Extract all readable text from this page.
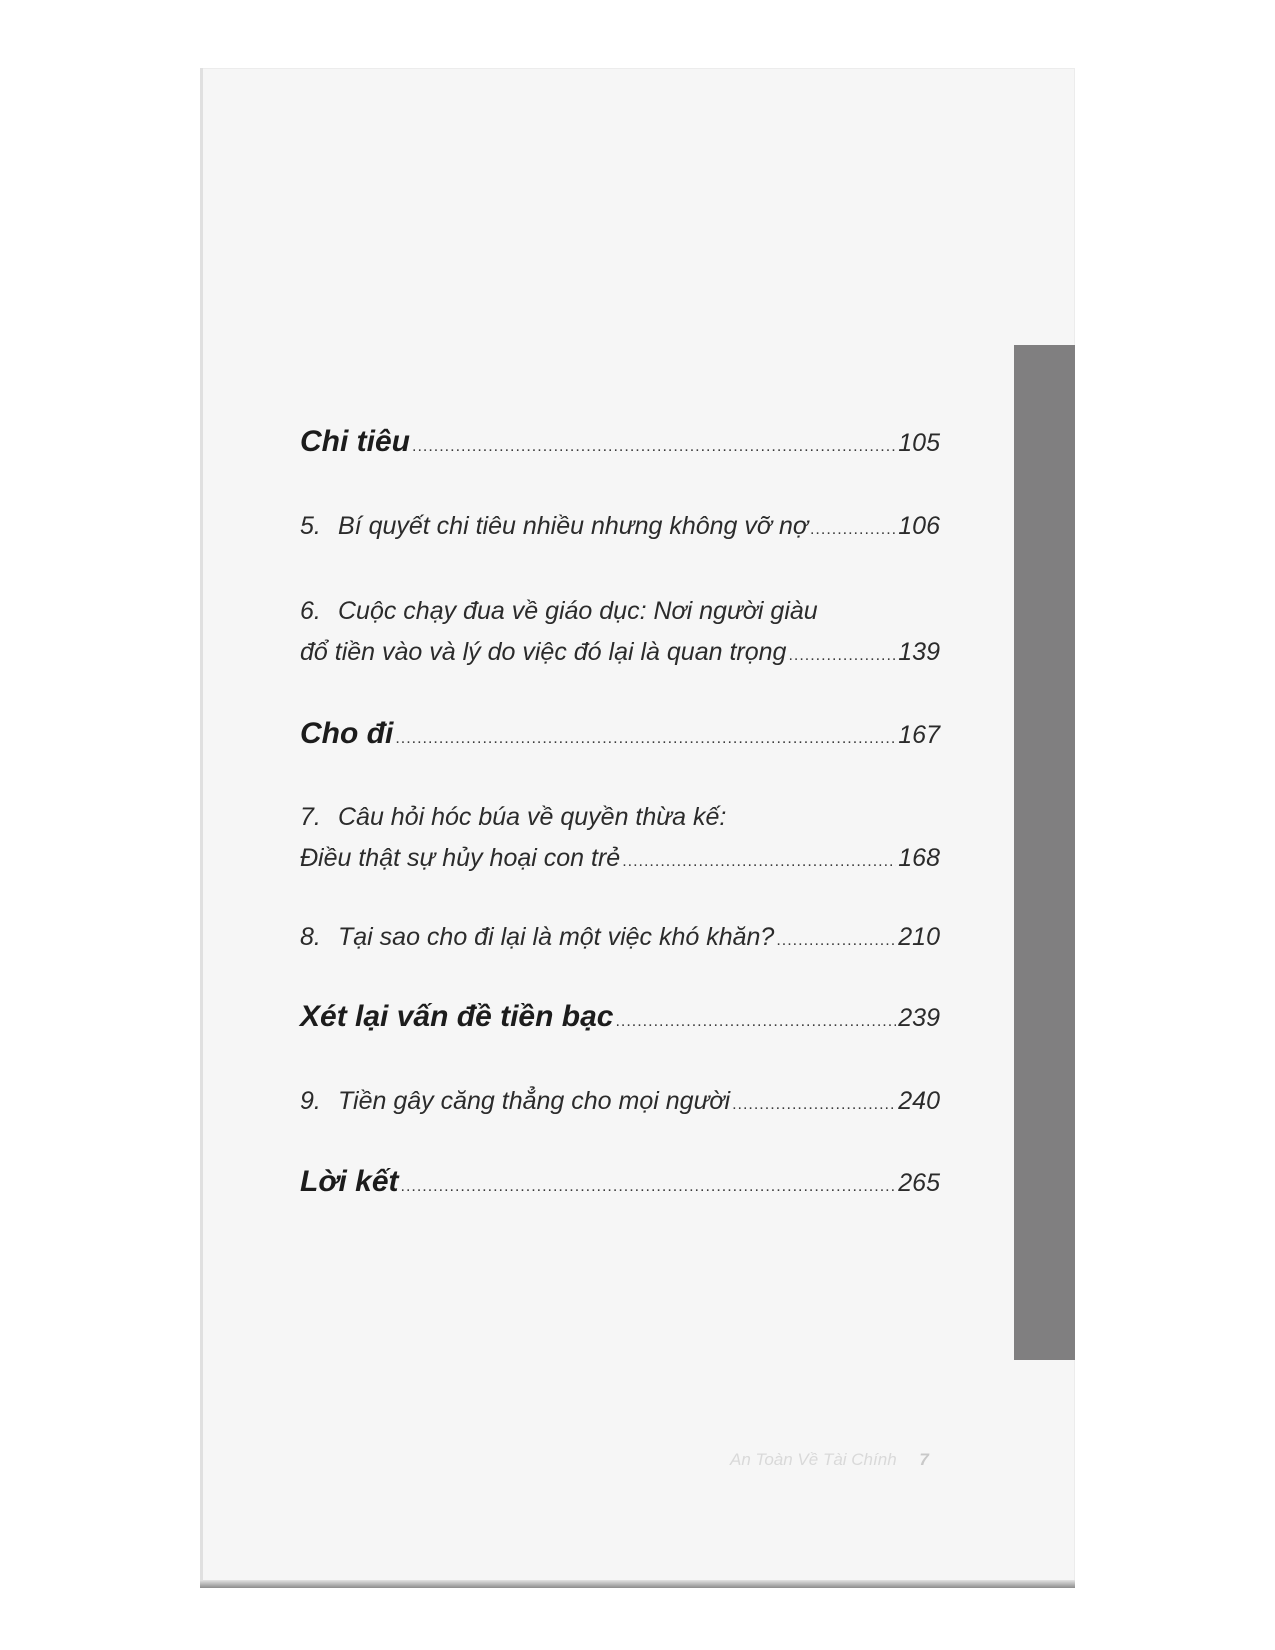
Chi tiêu .....	105
5. Bí quyết chi tiêu nhiều nhưng không vỡ nợ .....	106
6. Cuộc chạy đua về giáo dục: Nơi người giàu
đổ tiền vào và lý do việc đó lại là quan trọng .....	139
Cho đi .....	167
7. Câu hỏi hóc búa về quyền thừa kế:
Điều thật sự hủy hoại con trẻ .....	168
8. Tại sao cho đi lại là một việc khó khăn? .....	210
Xét lại vấn đề tiền bạc .....	239
9. Tiền gây căng thẳng cho mọi người .....	240
Lời kết .....	265
An Toàn Về Tài Chính 7
